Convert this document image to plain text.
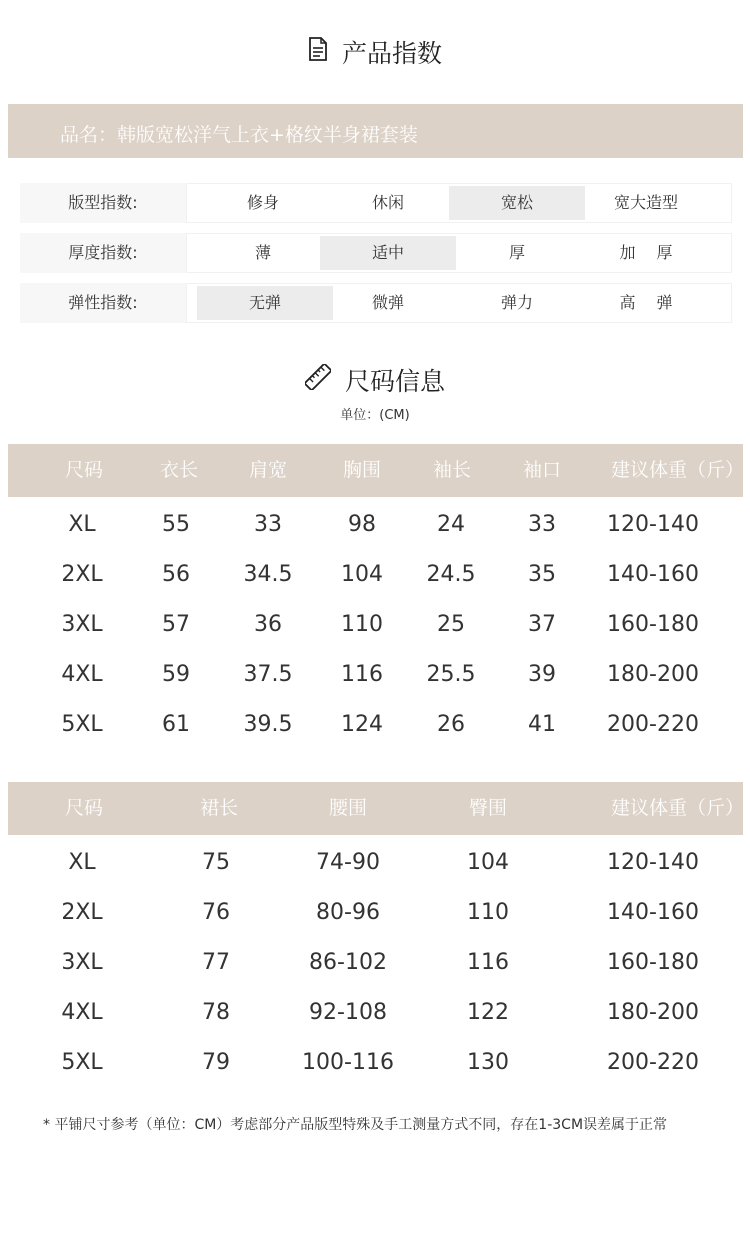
产品指数
品名：韩版宽松洋气上衣+格纹半身裙套装
版型指数:	修身	休闲	宽松	宽大造型
厚度指数:	薄	适中	厚	加　 厚
弹性指数:	无弹	微弹	弹力	高　 弹
尺码信息
单位：(CM)
尺码	衣长	肩宽	胸围	袖长	袖口	建议体重（斤）
XL	55	33	98	24	33	120-140
2XL	56	34.5	104	24.5	35	140-160
3XL	57	36	110	25	37	160-180
4XL	59	37.5	116	25.5	39	180-200
5XL	61	39.5	124	26	41	200-220
尺码	裙长	腰围	臀围	建议体重（斤）
XL	75	74-90	104	120-140
2XL	76	80-96	110	140-160
3XL	77	86-102	116	160-180
4XL	78	92-108	122	180-200
5XL	79	100-116	130	200-220
* 平铺尺寸参考（单位：CM）考虑部分产品版型特殊及手工测量方式不同，存在1-3CM误差属于正常
